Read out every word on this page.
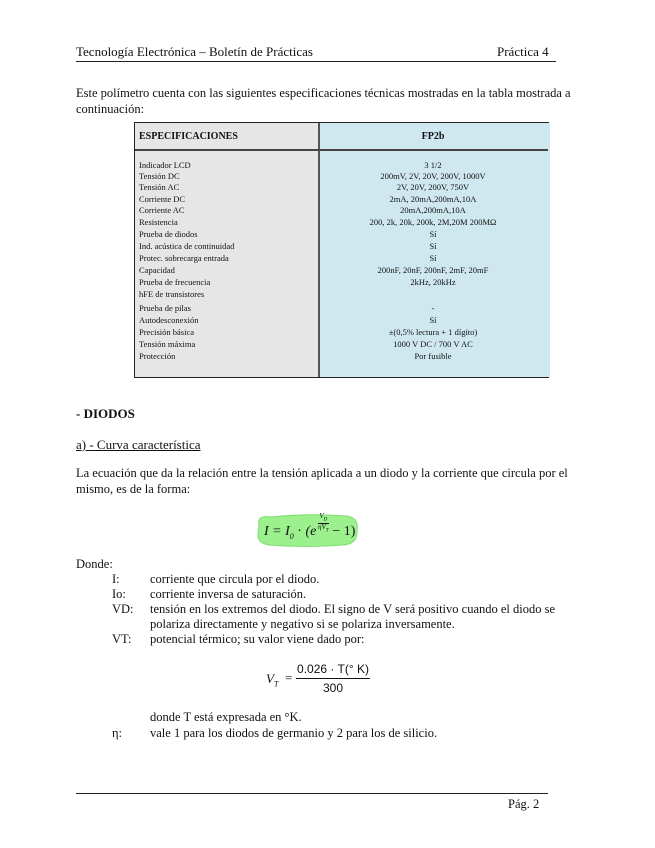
Tecnología Electrónica – Boletín de Prácticas	Práctica 4
Este polímetro cuenta con las siguientes especificaciones técnicas mostradas en la tabla mostrada a continuación:
ESPECIFICACIONES	FP2b
Indicador LCD	3 1/2
Tensión DC	200mV, 2V, 20V, 200V, 1000V
Tensión AC	2V, 20V, 200V, 750V
Corriente DC	2mA, 20mA,200mA,10A
Corriente AC	20mA,200mA,10A
Resistencia	200, 2k, 20k, 200k, 2M,20M 200MΩ
Prueba de diodos	Sí
Ind. acústica de continuidad	Sí
Protec. sobrecarga entrada	Sí
Capacidad	200nF, 20nF, 200nF, 2mF, 20mF
Prueba de frecuencia	2kHz, 20kHz
hFE de transistores
Prueba de pilas	-
Autodesconexión	Sí
Precisión básica	±(0,5% lectura + 1 dígito)
Tensión máxima	1000 V DC / 700 V AC
Protección	Por fusible
- DIODOS
a) - Curva característica
La ecuación que da la relación entre la tensión aplicada a un diodo y la corriente que circula por el mismo, es de la forma:
$I = I_0 \cdot (e - 1)$
$V_D$
$\eta V_T$
Donde:
I: corriente que circula por el diodo.
Io: corriente inversa de saturación.
VD: tensión en los extremos del diodo. El signo de V será positivo cuando el diodo se polariza directamente y negativo si se polariza inversamente.
VT: potencial térmico; su valor viene dado por:
$V_T$ =
0.026 · T(° K)
300
donde T está expresada en °K.
η: vale 1 para los diodos de germanio y 2 para los de silicio.
Pág. 2
